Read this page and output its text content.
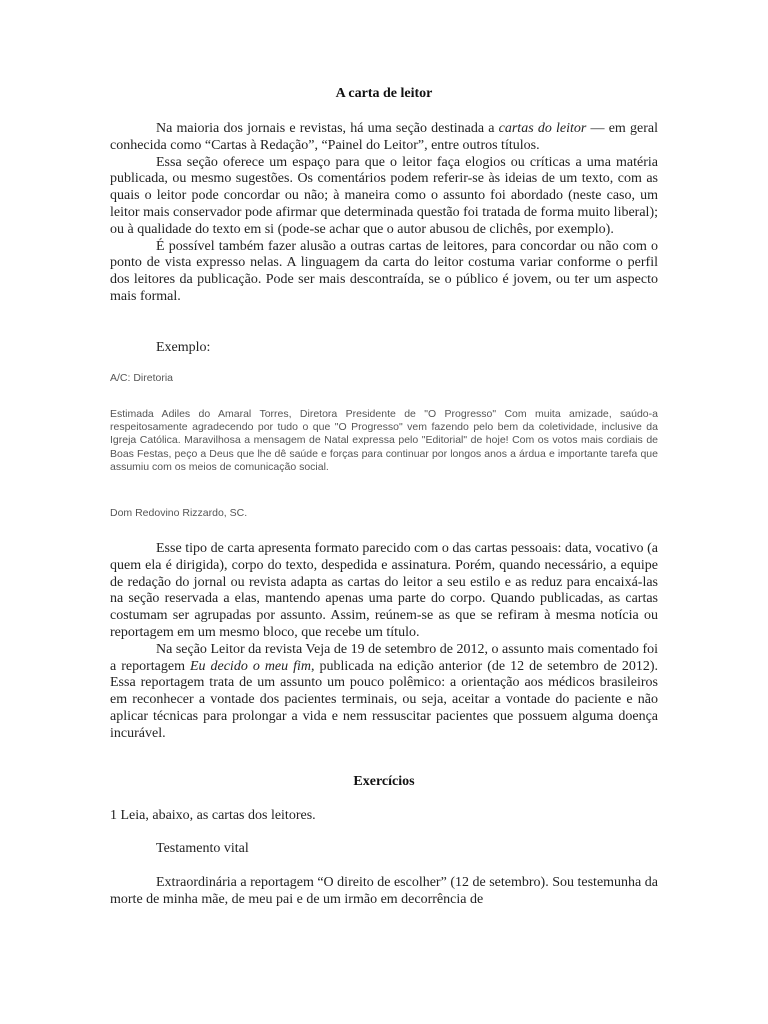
A carta de leitor

Na maioria dos jornais e revistas, há uma seção destinada a cartas do leitor — em geral conhecida como “Cartas à Redação”, “Painel do Leitor”, entre outros títulos.

Essa seção oferece um espaço para que o leitor faça elogios ou críticas a uma matéria publicada, ou mesmo sugestões. Os comentários podem referir-se às ideias de um texto, com as quais o leitor pode concordar ou não; à maneira como o assunto foi abordado (neste caso, um leitor mais conservador pode afirmar que determinada questão foi tratada de forma muito liberal); ou à qualidade do texto em si (pode-se achar que o autor abusou de clichês, por exemplo).

É possível também fazer alusão a outras cartas de leitores, para concordar ou não com o ponto de vista expresso nelas. A linguagem da carta do leitor costuma variar conforme o perfil dos leitores da publicação. Pode ser mais descontraída, se o público é jovem, ou ter um aspecto mais formal.

Exemplo:
A/C: Diretoria

Estimada Adiles do Amaral Torres, Diretora Presidente de "O Progresso" Com muita amizade, saúdo-a respeitosamente agradecendo por tudo o que "O Progresso" vem fazendo pelo bem da coletividade, inclusive da Igreja Católica. Maravilhosa a mensagem de Natal expressa pelo "Editorial" de hoje! Com os votos mais cordiais de Boas Festas, peço a Deus que lhe dê saúde e forças para continuar por longos anos a árdua e importante tarefa que assumiu com os meios de comunicação social.

Dom Redovino Rizzardo, SC.

Esse tipo de carta apresenta formato parecido com o das cartas pessoais: data, vocativo (a quem ela é dirigida), corpo do texto, despedida e assinatura. Porém, quando necessário, a equipe de redação do jornal ou revista adapta as cartas do leitor a seu estilo e as reduz para encaixá-las na seção reservada a elas, mantendo apenas uma parte do corpo. Quando publicadas, as cartas costumam ser agrupadas por assunto. Assim, reúnem-se as que se refiram à mesma notícia ou reportagem em um mesmo bloco, que recebe um título.

Na seção Leitor da revista Veja de 19 de setembro de 2012, o assunto mais comentado foi a reportagem Eu decido o meu fim, publicada na edição anterior (de 12 de setembro de 2012). Essa reportagem trata de um assunto um pouco polêmico: a orientação aos médicos brasileiros em reconhecer a vontade dos pacientes terminais, ou seja, aceitar a vontade do paciente e não aplicar técnicas para prolongar a vida e nem ressuscitar pacientes que possuem alguma doença incurável.

Exercícios
1 Leia, abaixo, as cartas dos leitores.
Testamento vital

Extraordinária a reportagem “O direito de escolher” (12 de setembro). Sou testemunha da morte de minha mãe, de meu pai e de um irmão em decorrência de
